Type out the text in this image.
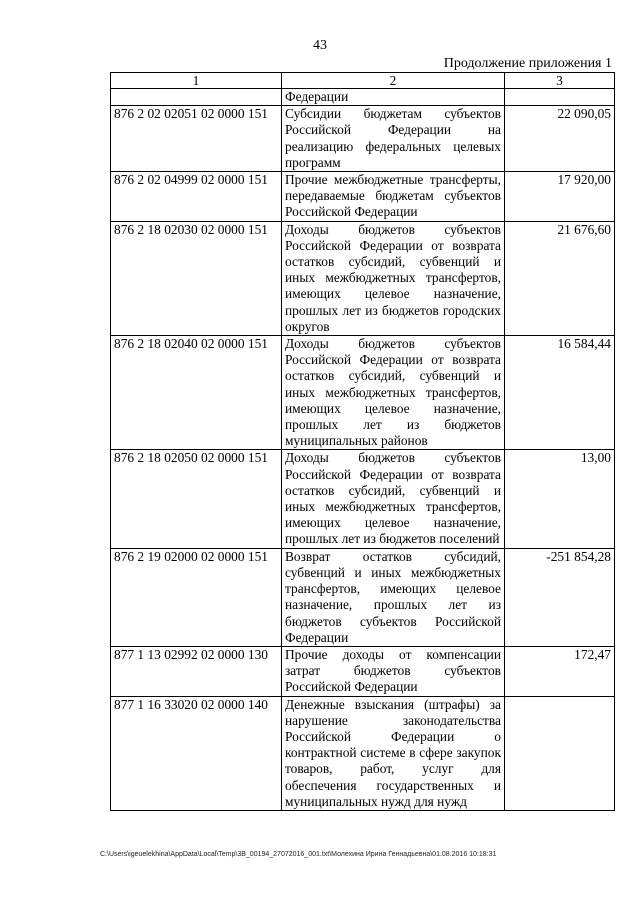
43
Продолжение приложения 1
1	2	3
	Федерации	
876 2 02 02051 02 0000 151	Субсидии бюджетам субъектов Российской Федерации на реализацию федеральных целевых программ	22 090,05
876 2 02 04999 02 0000 151	Прочие межбюджетные трансферты, передаваемые бюджетам субъектов Российской Федерации	17 920,00
876 2 18 02030 02 0000 151	Доходы бюджетов субъектов Российской Федерации от возврата остатков субсидий, субвенций и иных межбюджетных трансфертов, имеющих целевое назначение, прошлых лет из бюджетов городских округов	21 676,60
876 2 18 02040 02 0000 151	Доходы бюджетов субъектов Российской Федерации от возврата остатков субсидий, субвенций и иных межбюджетных трансфертов, имеющих целевое назначение, прошлых лет из бюджетов муниципальных районов	16 584,44
876 2 18 02050 02 0000 151	Доходы бюджетов субъектов Российской Федерации от возврата остатков субсидий, субвенций и иных межбюджетных трансфертов, имеющих целевое назначение, прошлых лет из бюджетов поселений	13,00
876 2 19 02000 02 0000 151	Возврат остатков субсидий, субвенций и иных межбюджетных трансфертов, имеющих целевое назначение, прошлых лет из бюджетов субъектов Российской Федерации	-251 854,28
877 1 13 02992 02 0000 130	Прочие доходы от компенсации затрат бюджетов субъектов Российской Федерации	172,47
877 1 16 33020 02 0000 140	Денежные взыскания (штрафы) за нарушение законодательства Российской Федерации о контрактной системе в сфере закупок товаров, работ, услуг для обеспечения государственных и муниципальных нужд для нужд	
C:\Users\igeuelekhina\AppData\Local\Temp\3B_00194_27072016_001.txt\Молехина Ирина Геннадьевна\01.08.2016 10:18:31
